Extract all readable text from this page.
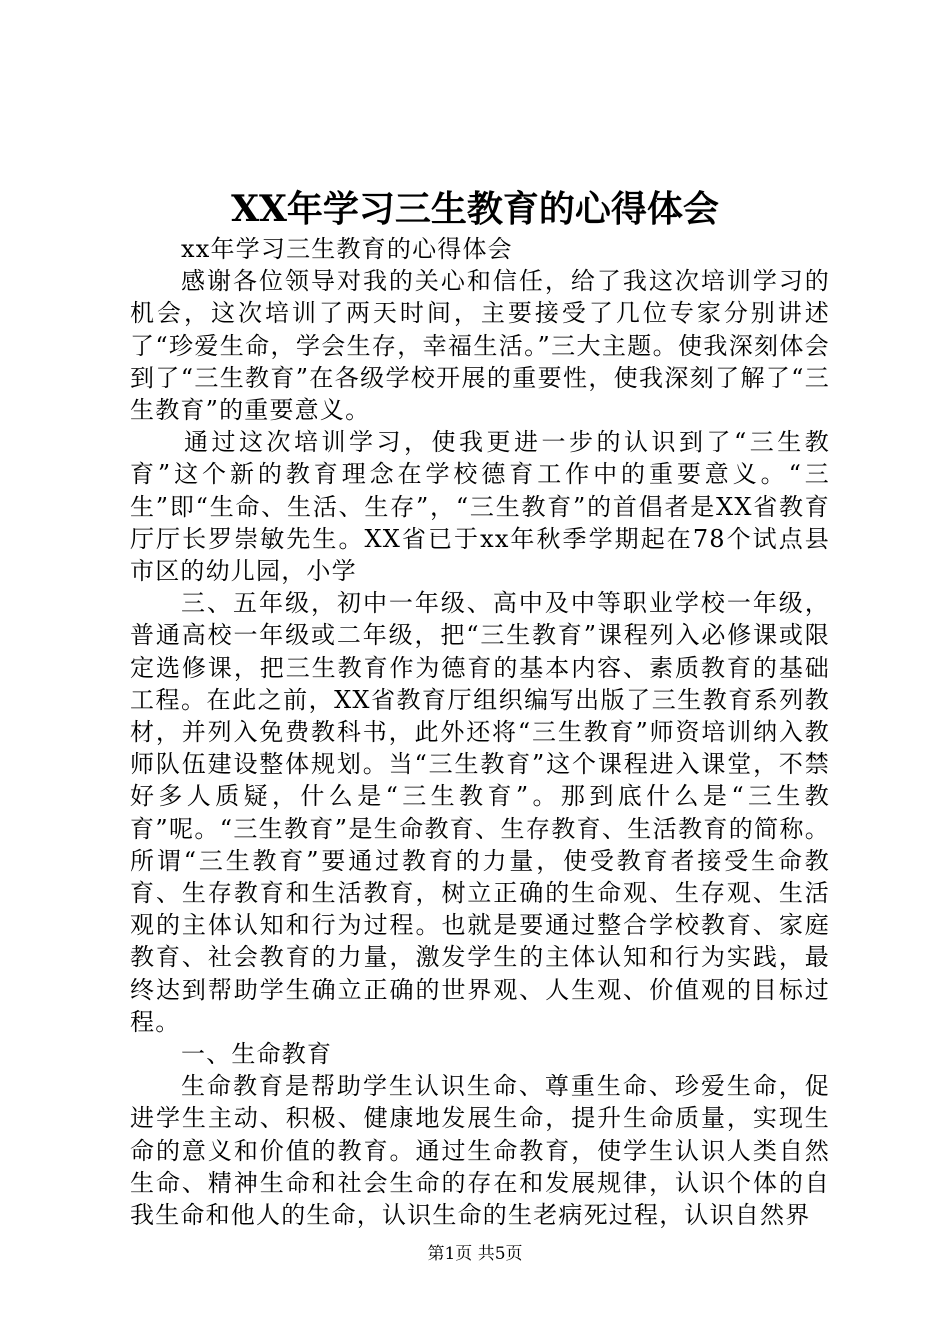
XX年学习三生教育的心得体会

xx年学习三生教育的心得体会

感谢各位领导对我的关心和信任，给了我这次培训学习的机会，这次培训了两天时间，主要接受了几位专家分别讲述了“珍爱生命，学会生存，幸福生活。”三大主题。使我深刻体会到了“三生教育”在各级学校开展的重要性，使我深刻了解了“三生教育”的重要意义。

通过这次培训学习，使我更进一步的认识到了“三生教育”这个新的教育理念在学校德育工作中的重要意义。“三生”即“生命、生活、生存”，“三生教育”的首倡者是XX省教育厅厅长罗崇敏先生。XX省已于xx年秋季学期起在78个试点县市区的幼儿园，小学

三、五年级，初中一年级、高中及中等职业学校一年级，普通高校一年级或二年级，把“三生教育”课程列入必修课或限定选修课，把三生教育作为德育的基本内容、素质教育的基础工程。在此之前，XX省教育厅组织编写出版了三生教育系列教材，并列入免费教科书，此外还将“三生教育”师资培训纳入教师队伍建设整体规划。当“三生教育”这个课程进入课堂，不禁好多人质疑，什么是“三生教育”。那到底什么是“三生教育”呢。“三生教育”是生命教育、生存教育、生活教育的简称。所谓“三生教育”要通过教育的力量，使受教育者接受生命教育、生存教育和生活教育，树立正确的生命观、生存观、生活观的主体认知和行为过程。也就是要通过整合学校教育、家庭教育、社会教育的力量，激发学生的主体认知和行为实践，最终达到帮助学生确立正确的世界观、人生观、价值观的目标过程。

一、生命教育

生命教育是帮助学生认识生命、尊重生命、珍爱生命，促进学生主动、积极、健康地发展生命，提升生命质量，实现生命的意义和价值的教育。通过生命教育，使学生认识人类自然生命、精神生命和社会生命的存在和发展规律，认识个体的自我生命和他人的生命，认识生命的生老病死过程，认识自然界

第1页 共5页
